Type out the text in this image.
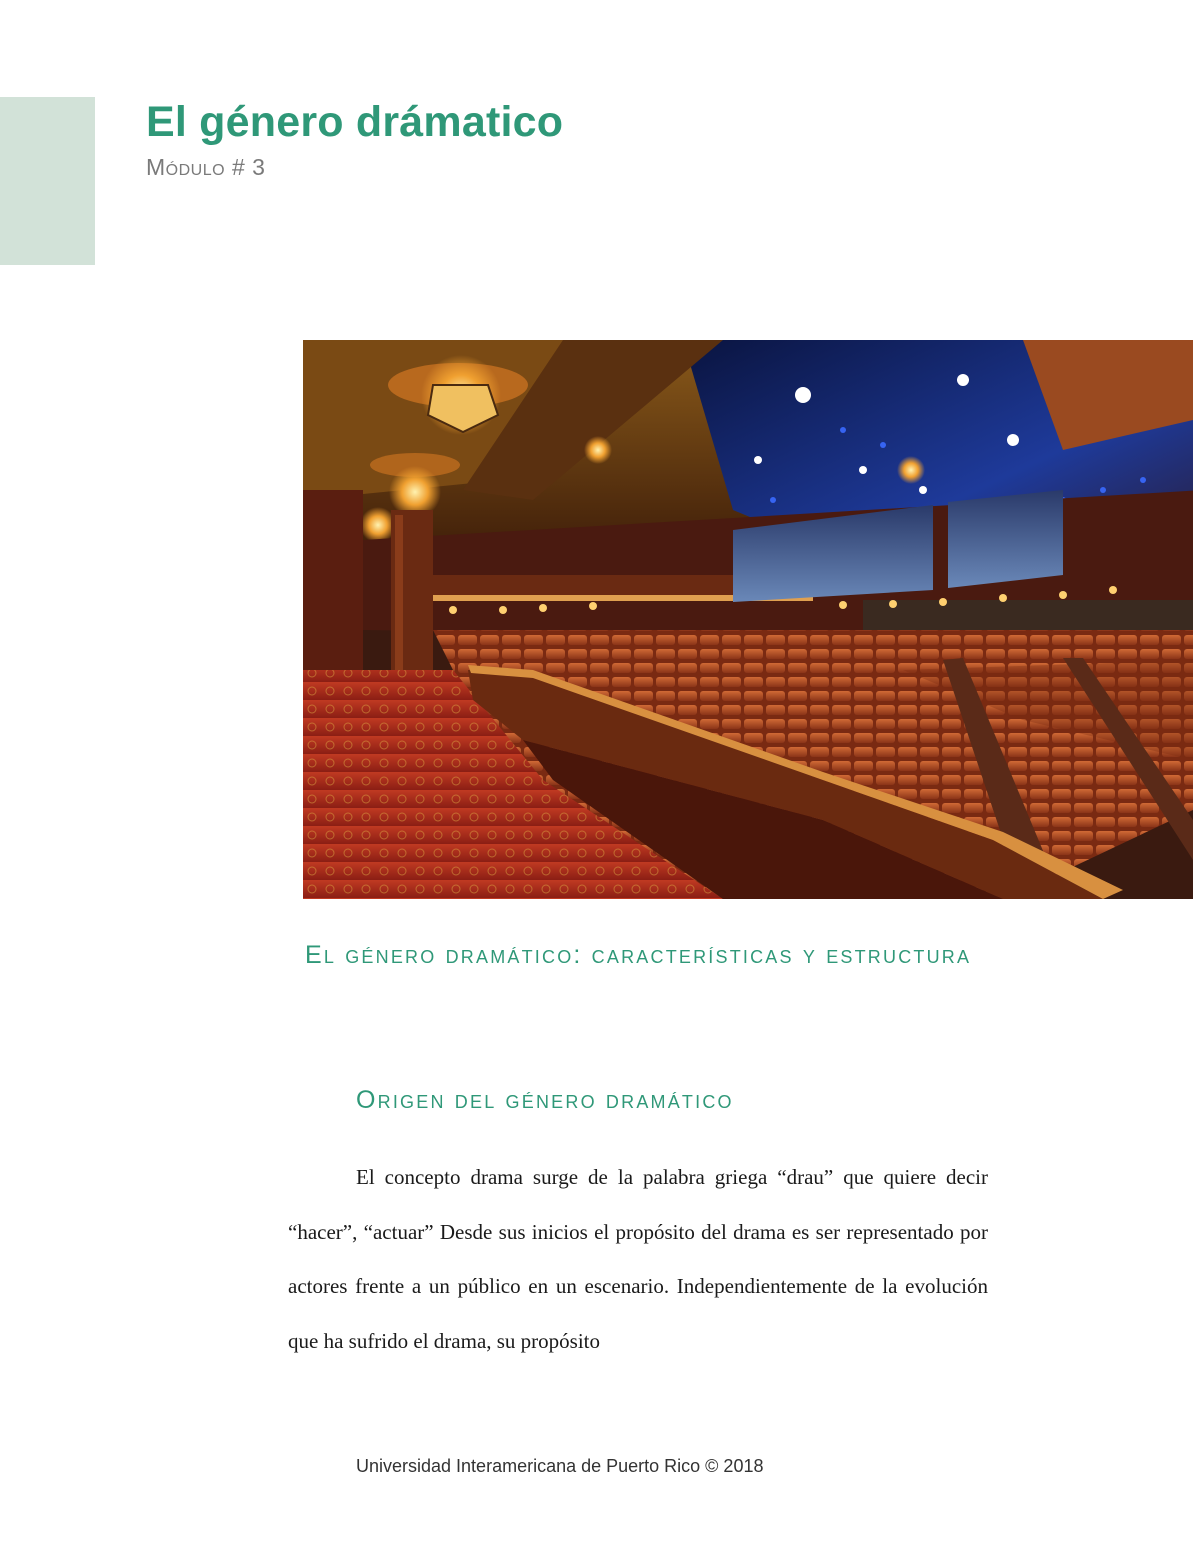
El género drámatico
Módulo # 3
El género dramático: características y estructura
Origen del género dramático

El concepto drama surge de la palabra griega “drau” que quiere decir “hacer”, “actuar” Desde sus inicios el propósito del drama es ser representado por actores frente a un público en un escenario. Independientemente de la evolución que ha sufrido el drama, su propósito

Universidad Interamericana de Puerto Rico © 2018
